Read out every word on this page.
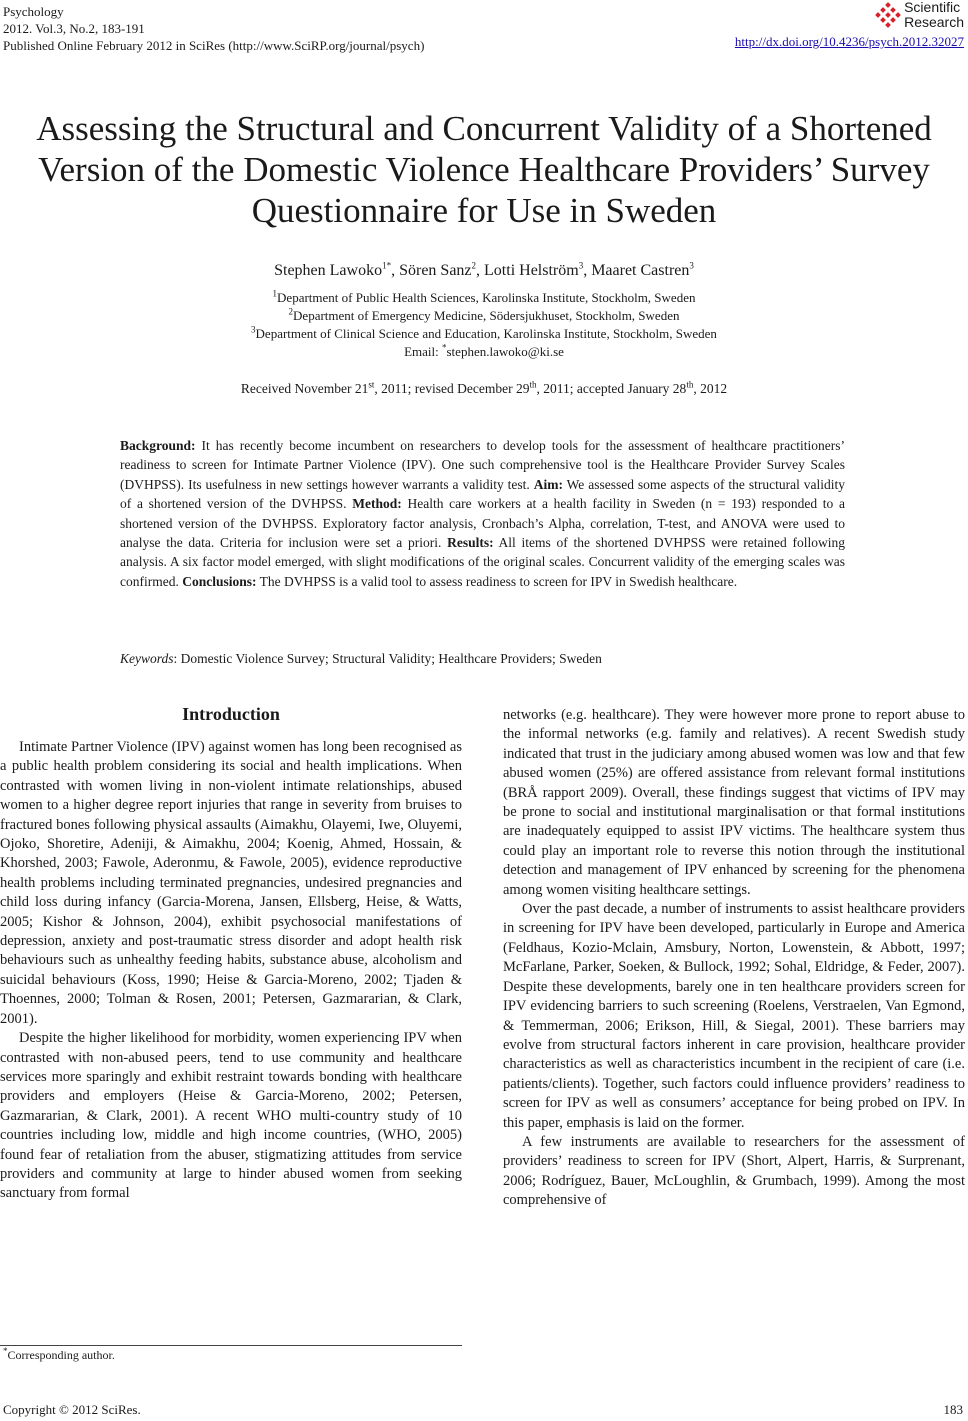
Psychology
2012. Vol.3, No.2, 183-191
Published Online February 2012 in SciRes (http://www.SciRP.org/journal/psych)
Scientific
Research
http://dx.doi.org/10.4236/psych.2012.32027
Assessing the Structural and Concurrent Validity of a Shortened
Version of the Domestic Violence Healthcare Providers’ Survey
Questionnaire for Use in Sweden
Stephen Lawoko$^{1*}$, Sören Sanz$^2$, Lotti Helström$^3$, Maaret Castren$^3$
$^1$Department of Public Health Sciences, Karolinska Institute, Stockholm, Sweden
$^2$Department of Emergency Medicine, Södersjukhuset, Stockholm, Sweden
$^3$Department of Clinical Science and Education, Karolinska Institute, Stockholm, Sweden
Email: *stephen.lawoko@ki.se
Received November 21st, 2011; revised December 29th, 2011; accepted January 28th, 2012
Background: It has recently become incumbent on researchers to develop tools for the assessment of healthcare practitioners’ readiness to screen for Intimate Partner Violence (IPV). One such comprehensive tool is the Healthcare Provider Survey Scales (DVHPSS). Its usefulness in new settings however warrants a validity test. Aim: We assessed some aspects of the structural validity of a shortened version of the DVHPSS. Method: Health care workers at a health facility in Sweden (n = 193) responded to a shortened version of the DVHPSS. Exploratory factor analysis, Cronbach’s Alpha, correlation, T-test, and ANOVA were used to analyse the data. Criteria for inclusion were set a priori. Results: All items of the shortened DVHPSS were retained following analysis. A six factor model emerged, with slight modifications of the original scales. Concurrent validity of the emerging scales was confirmed. Conclusions: The DVHPSS is a valid tool to assess readiness to screen for IPV in Swedish healthcare.
Keywords: Domestic Violence Survey; Structural Validity; Healthcare Providers; Sweden
Introduction

Intimate Partner Violence (IPV) against women has long been recognised as a public health problem considering its social and health implications. When contrasted with women living in non-violent intimate relationships, abused women to a higher degree report injuries that range in severity from bruises to fractured bones following physical assaults (Aimakhu, Olayemi, Iwe, Oluyemi, Ojoko, Shoretire, Adeniji, & Aimakhu, 2004; Koenig, Ahmed, Hossain, & Khorshed, 2003; Fawole, Aderonmu, & Fawole, 2005), evidence reproductive health problems including terminated pregnancies, undesired pregnancies and child loss during infancy (Garcia-Morena, Jansen, Ellsberg, Heise, & Watts, 2005; Kishor & Johnson, 2004), exhibit psychosocial manifestations of depression, anxiety and post-traumatic stress disorder and adopt health risk behaviours such as unhealthy feeding habits, substance abuse, alcoholism and suicidal behaviours (Koss, 1990; Heise & Garcia-Moreno, 2002; Tjaden & Thoennes, 2000; Tolman & Rosen, 2001; Petersen, Gazmararian, & Clark, 2001).

Despite the higher likelihood for morbidity, women experiencing IPV when contrasted with non-abused peers, tend to use community and healthcare services more sparingly and exhibit restraint towards bonding with healthcare providers and employers (Heise & Garcia-Moreno, 2002; Petersen, Gazmararian, & Clark, 2001). A recent WHO multi-country study of 10 countries including low, middle and high income countries, (WHO, 2005) found fear of retaliation from the abuser, stigmatizing attitudes from service providers and community at large to hinder abused women from seeking sanctuary from formal

networks (e.g. healthcare). They were however more prone to report abuse to the informal networks (e.g. family and relatives). A recent Swedish study indicated that trust in the judiciary among abused women was low and that few abused women (25%) are offered assistance from relevant formal institutions (BRÅ rapport 2009). Overall, these findings suggest that victims of IPV may be prone to social and institutional marginalisation or that formal institutions are inadequately equipped to assist IPV victims. The healthcare system thus could play an important role to reverse this notion through the institutional detection and management of IPV enhanced by screening for the phenomena among women visiting healthcare settings.

Over the past decade, a number of instruments to assist healthcare providers in screening for IPV have been developed, particularly in Europe and America (Feldhaus, Kozio-Mclain, Amsbury, Norton, Lowenstein, & Abbott, 1997; McFarlane, Parker, Soeken, & Bullock, 1992; Sohal, Eldridge, & Feder, 2007). Despite these developments, barely one in ten healthcare providers screen for IPV evidencing barriers to such screening (Roelens, Verstraelen, Van Egmond, & Temmerman, 2006; Erikson, Hill, & Siegal, 2001). These barriers may evolve from structural factors inherent in care provision, healthcare provider characteristics as well as characteristics incumbent in the recipient of care (i.e. patients/clients). Together, such factors could influence providers’ readiness to screen for IPV as well as consumers’ acceptance for being probed on IPV. In this paper, emphasis is laid on the former.

A few instruments are available to researchers for the assessment of providers’ readiness to screen for IPV (Short, Alpert, Harris, & Surprenant, 2006; Rodríguez, Bauer, McLoughlin, & Grumbach, 1999). Among the most comprehensive of

*Corresponding author.
Copyright © 2012 SciRes.	183
